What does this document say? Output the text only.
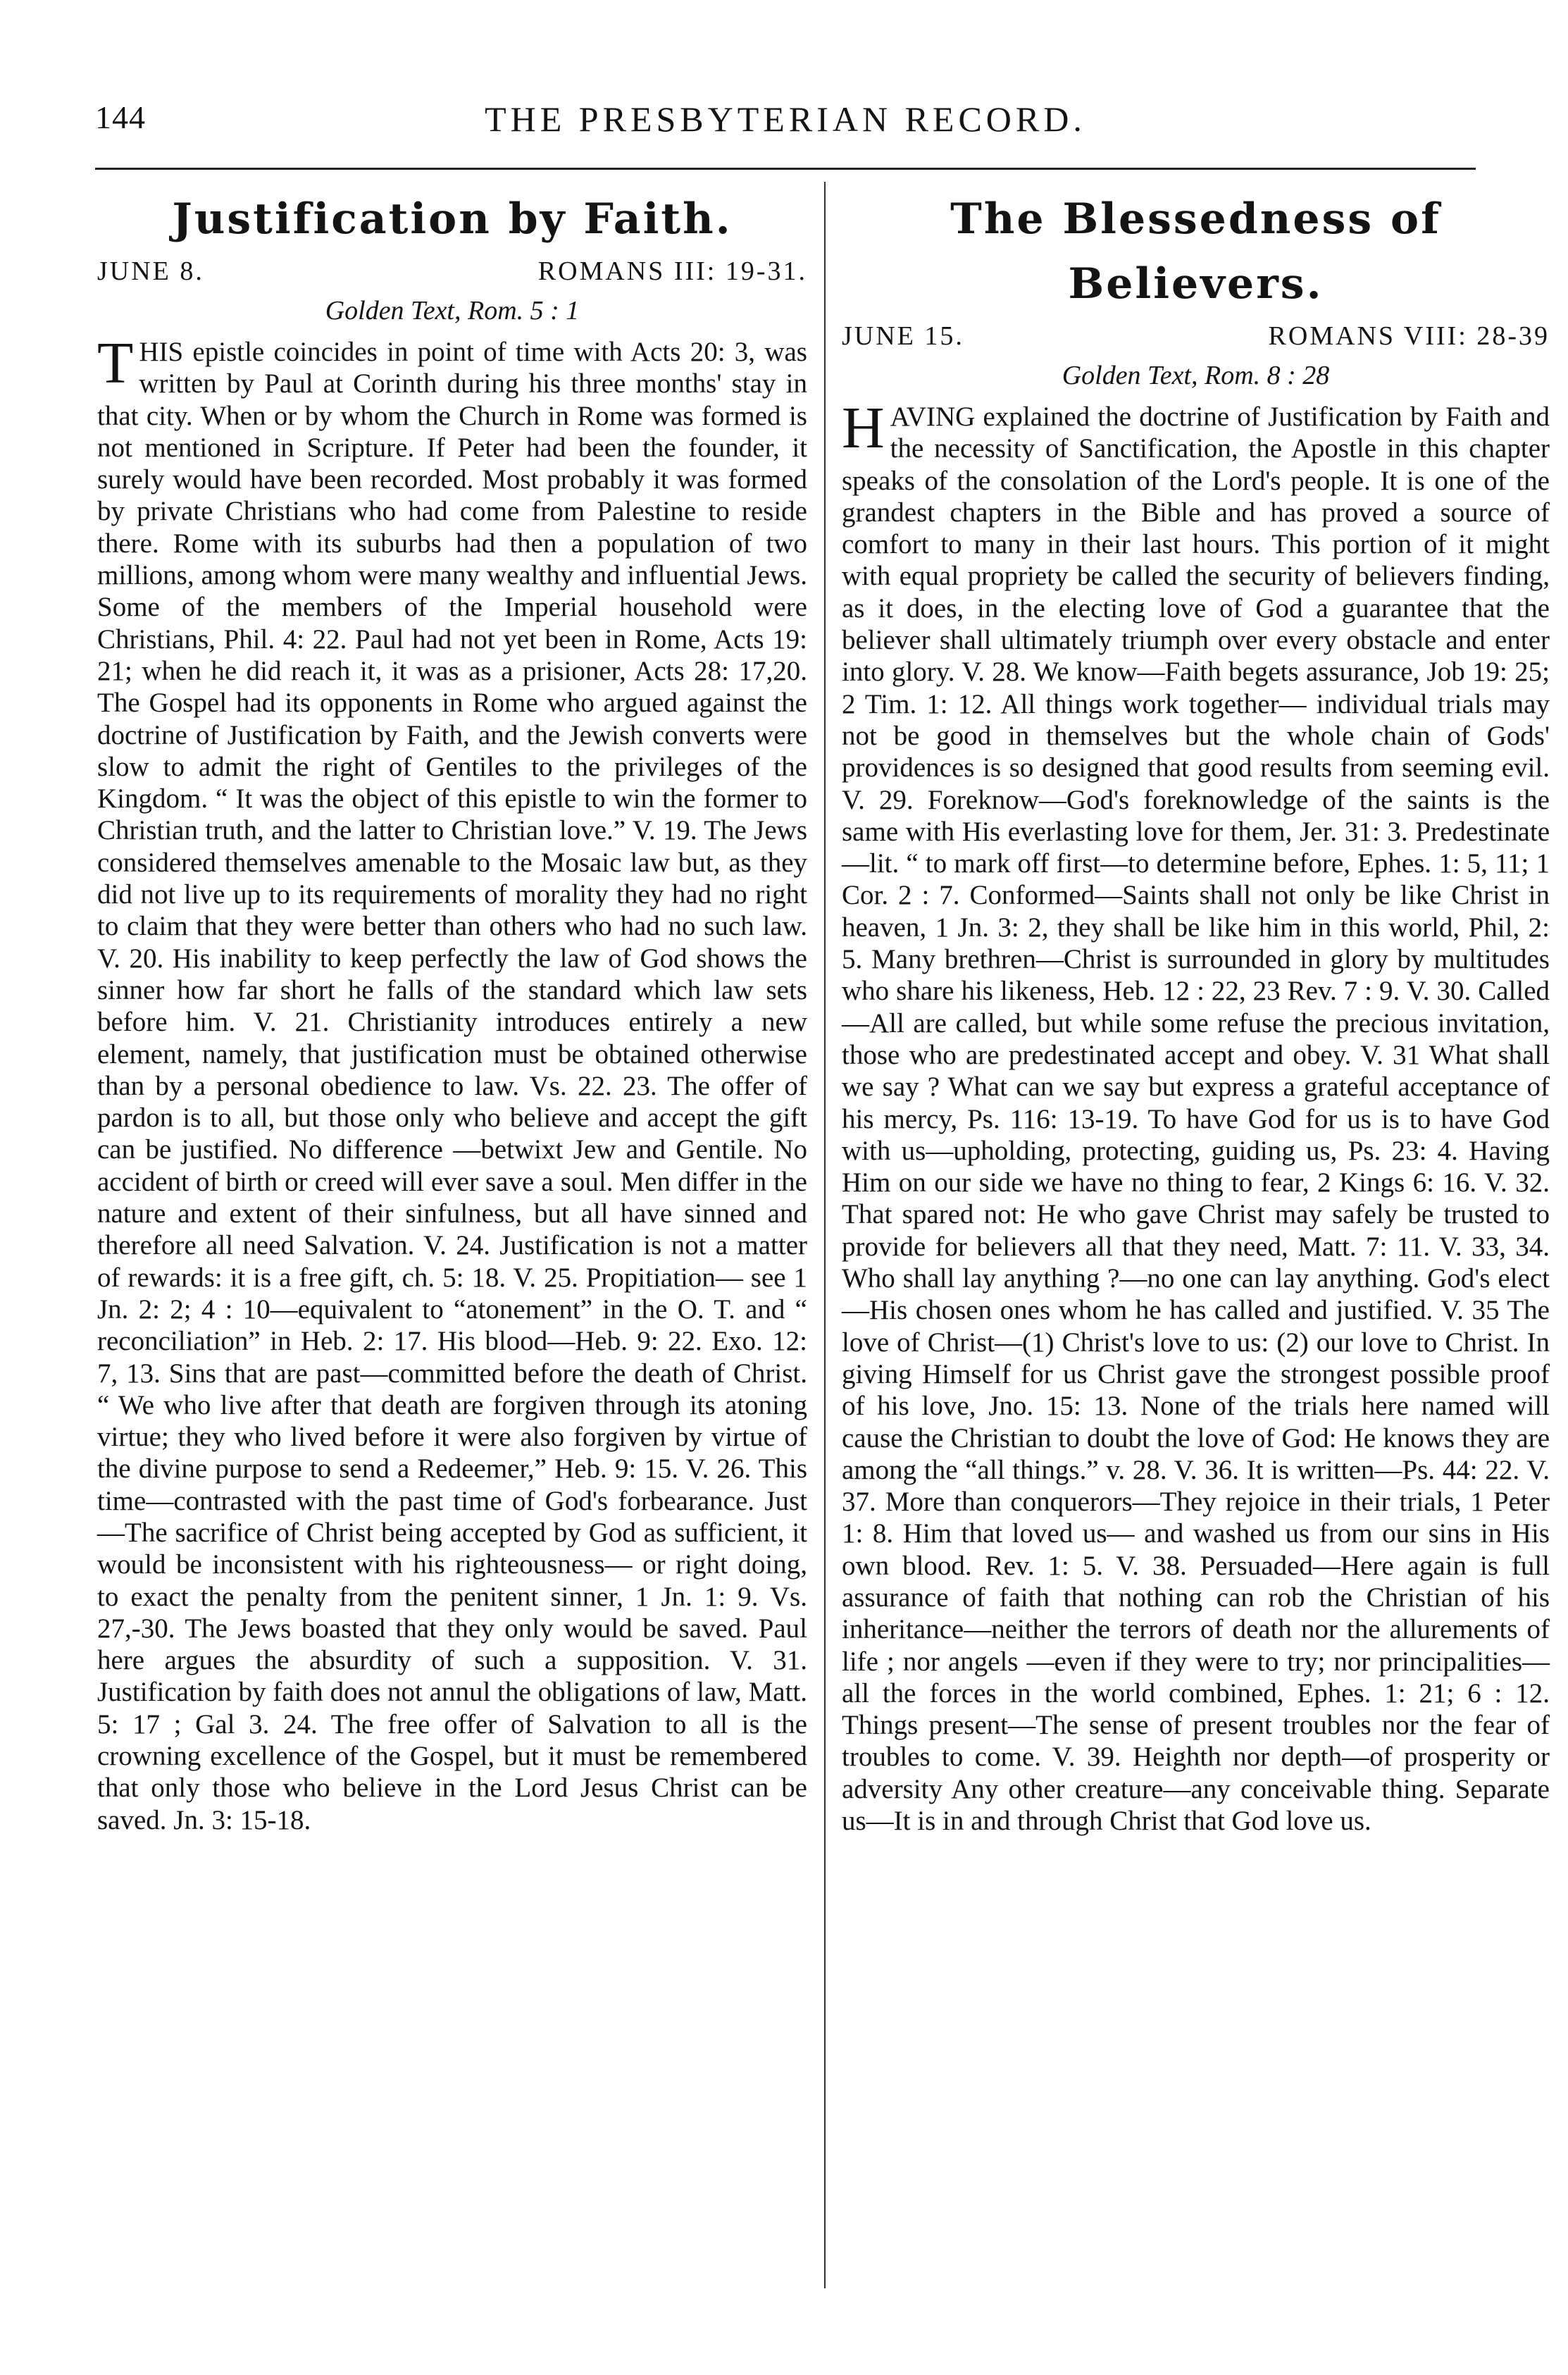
144	THE PRESBYTERIAN RECORD.
Justification by Faith.
JUNE 8.	ROMANS III: 19-31.
Golden Text, Rom. 5 : 1

THIS epistle coincides in point of time with Acts 20: 3, was written by Paul at Corinth during his three months' stay in that city. When or by whom the Church in Rome was formed is not mentioned in Scripture. If Peter had been the founder, it surely would have been recorded. Most probably it was formed by private Christians who had come from Palestine to reside there. Rome with its suburbs had then a population of two millions, among whom were many wealthy and influential Jews. Some of the members of the Imperial household were Christians, Phil. 4: 22. Paul had not yet been in Rome, Acts 19: 21; when he did reach it, it was as a prisioner, Acts 28: 17,20. The Gospel had its opponents in Rome who argued against the doctrine of Justification by Faith, and the Jewish converts were slow to admit the right of Gentiles to the privileges of the Kingdom. “ It was the object of this epistle to win the former to Christian truth, and the latter to Christian love.” V. 19. The Jews considered themselves amenable to the Mosaic law but, as they did not live up to its requirements of morality they had no right to claim that they were better than others who had no such law. V. 20. His inability to keep perfectly the law of God shows the sinner how far short he falls of the standard which law sets before him. V. 21. Christianity introduces entirely a new element, namely, that justification must be obtained otherwise than by a personal obedience to law. Vs. 22. 23. The offer of pardon is to all, but those only who believe and accept the gift can be justified. No difference —betwixt Jew and Gentile. No accident of birth or creed will ever save a soul. Men differ in the nature and extent of their sinfulness, but all have sinned and therefore all need Salvation. V. 24. Justification is not a matter of rewards: it is a free gift, ch. 5: 18. V. 25. Propitiation— see 1 Jn. 2: 2; 4 : 10—equivalent to “atonement” in the O. T. and “ reconciliation” in Heb. 2: 17. His blood—Heb. 9: 22. Exo. 12: 7, 13. Sins that are past—committed before the death of Christ. “ We who live after that death are forgiven through its atoning virtue; they who lived before it were also forgiven by virtue of the divine purpose to send a Redeemer,” Heb. 9: 15. V. 26. This time—contrasted with the past time of God's forbearance. Just—The sacrifice of Christ being accepted by God as sufficient, it would be inconsistent with his righteousness— or right doing, to exact the penalty from the penitent sinner, 1 Jn. 1: 9. Vs. 27,-30. The Jews boasted that they only would be saved. Paul here argues the absurdity of such a supposition. V. 31. Justification by faith does not annul the obligations of law, Matt. 5: 17 ; Gal 3. 24. The free offer of Salvation to all is the crowning excellence of the Gospel, but it must be remembered that only those who believe in the Lord Jesus Christ can be saved. Jn. 3: 15-18.

The Blessedness of Believers.
JUNE 15.	ROMANS VIII: 28-39
Golden Text, Rom. 8 : 28

HAVING explained the doctrine of Justification by Faith and the necessity of Sanctification, the Apostle in this chapter speaks of the consolation of the Lord's people. It is one of the grandest chapters in the Bible and has proved a source of comfort to many in their last hours. This portion of it might with equal propriety be called the security of believers finding, as it does, in the electing love of God a guarantee that the believer shall ultimately triumph over every obstacle and enter into glory. V. 28. We know—Faith begets assurance, Job 19: 25; 2 Tim. 1: 12. All things work together— individual trials may not be good in themselves but the whole chain of Gods' providences is so designed that good results from seeming evil. V. 29. Foreknow—God's foreknowledge of the saints is the same with His everlasting love for them, Jer. 31: 3. Predestinate—lit. “ to mark off first—to determine before, Ephes. 1: 5, 11; 1 Cor. 2 : 7. Conformed—Saints shall not only be like Christ in heaven, 1 Jn. 3: 2, they shall be like him in this world, Phil, 2: 5. Many brethren—Christ is surrounded in glory by multitudes who share his likeness, Heb. 12 : 22, 23 Rev. 7 : 9. V. 30. Called—All are called, but while some refuse the precious invitation, those who are predestinated accept and obey. V. 31 What shall we say ? What can we say but express a grateful acceptance of his mercy, Ps. 116: 13-19. To have God for us is to have God with us—upholding, protecting, guiding us, Ps. 23: 4. Having Him on our side we have no thing to fear, 2 Kings 6: 16. V. 32. That spared not: He who gave Christ may safely be trusted to provide for believers all that they need, Matt. 7: 11. V. 33, 34. Who shall lay anything ?—no one can lay anything. God's elect—His chosen ones whom he has called and justified. V. 35 The love of Christ—(1) Christ's love to us: (2) our love to Christ. In giving Himself for us Christ gave the strongest possible proof of his love, Jno. 15: 13. None of the trials here named will cause the Christian to doubt the love of God: He knows they are among the “all things.” v. 28. V. 36. It is written—Ps. 44: 22. V. 37. More than conquerors—They rejoice in their trials, 1 Peter 1: 8. Him that loved us— and washed us from our sins in His own blood. Rev. 1: 5. V. 38. Persuaded—Here again is full assurance of faith that nothing can rob the Christian of his inheritance—neither the terrors of death nor the allurements of life ; nor angels —even if they were to try; nor principalities— all the forces in the world combined, Ephes. 1: 21; 6 : 12. Things present—The sense of present troubles nor the fear of troubles to come. V. 39. Heighth nor depth—of prosperity or adversity Any other creature—any conceivable thing. Separate us—It is in and through Christ that God love us.
